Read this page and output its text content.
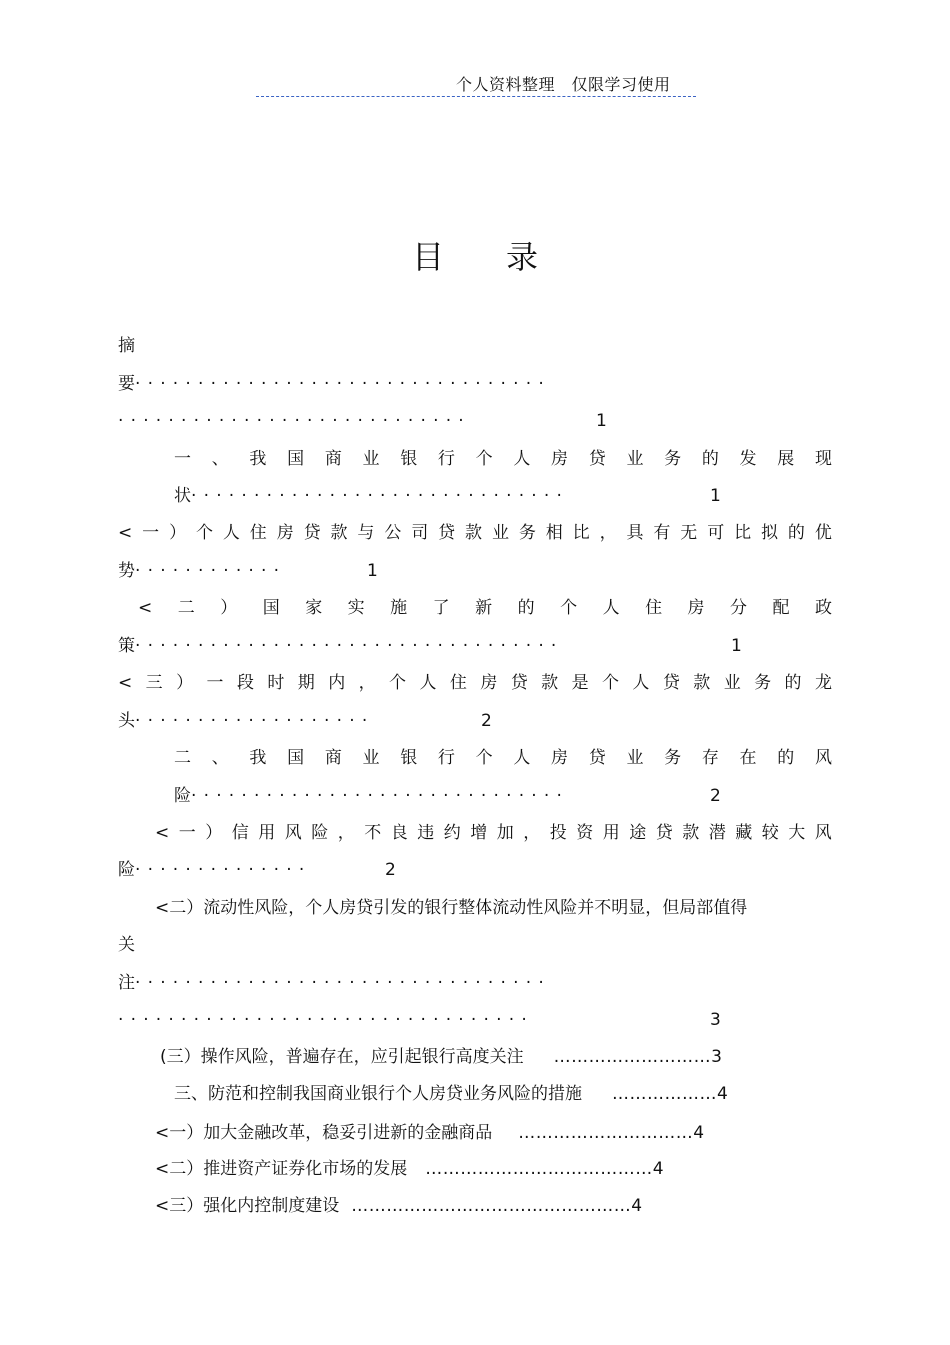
个人资料整理　仅限学习使用
目录
摘
要·································
····························	1
一 、 我 国 商 业 银 行 个 人 房 贷 业 务 的 发 展 现
状······························	1
< 一 ） 个 人 住 房 贷 款 与 公 司 贷 款 业 务 相 比 ， 具 有 无 可 比 拟 的 优
势············	1
< 二 ） 国 家 实 施 了 新 的 个 人 住 房 分 配 政
策··································	1
< 三 ） 一 段 时 期 内 ， 个 人 住 房 贷 款 是 个 人 贷 款 业 务 的 龙
头···················	2
二 、 我 国 商 业 银 行 个 人 房 贷 业 务 存 在 的 风
险······························	2
< 一 ） 信 用 风 险 ， 不 良 违 约 增 加 ， 投 资 用 途 贷 款 潜 藏 较 大 风
险··············	2
<二）流动性风险，个人房贷引发的银行整体流动性风险并不明显，但局部值得
关
注·································
·································	3
(三）操作风险，普遍存在，应引起银行高度关注 ………………………3
三、防范和控制我国商业银行个人房贷业务风险的措施 ………………4
<一）加大金融改革，稳妥引进新的金融商品 …………………………4
<二）推进资产证券化市场的发展 …………………………………4
<三）强化内控制度建设 …………………………………………4
